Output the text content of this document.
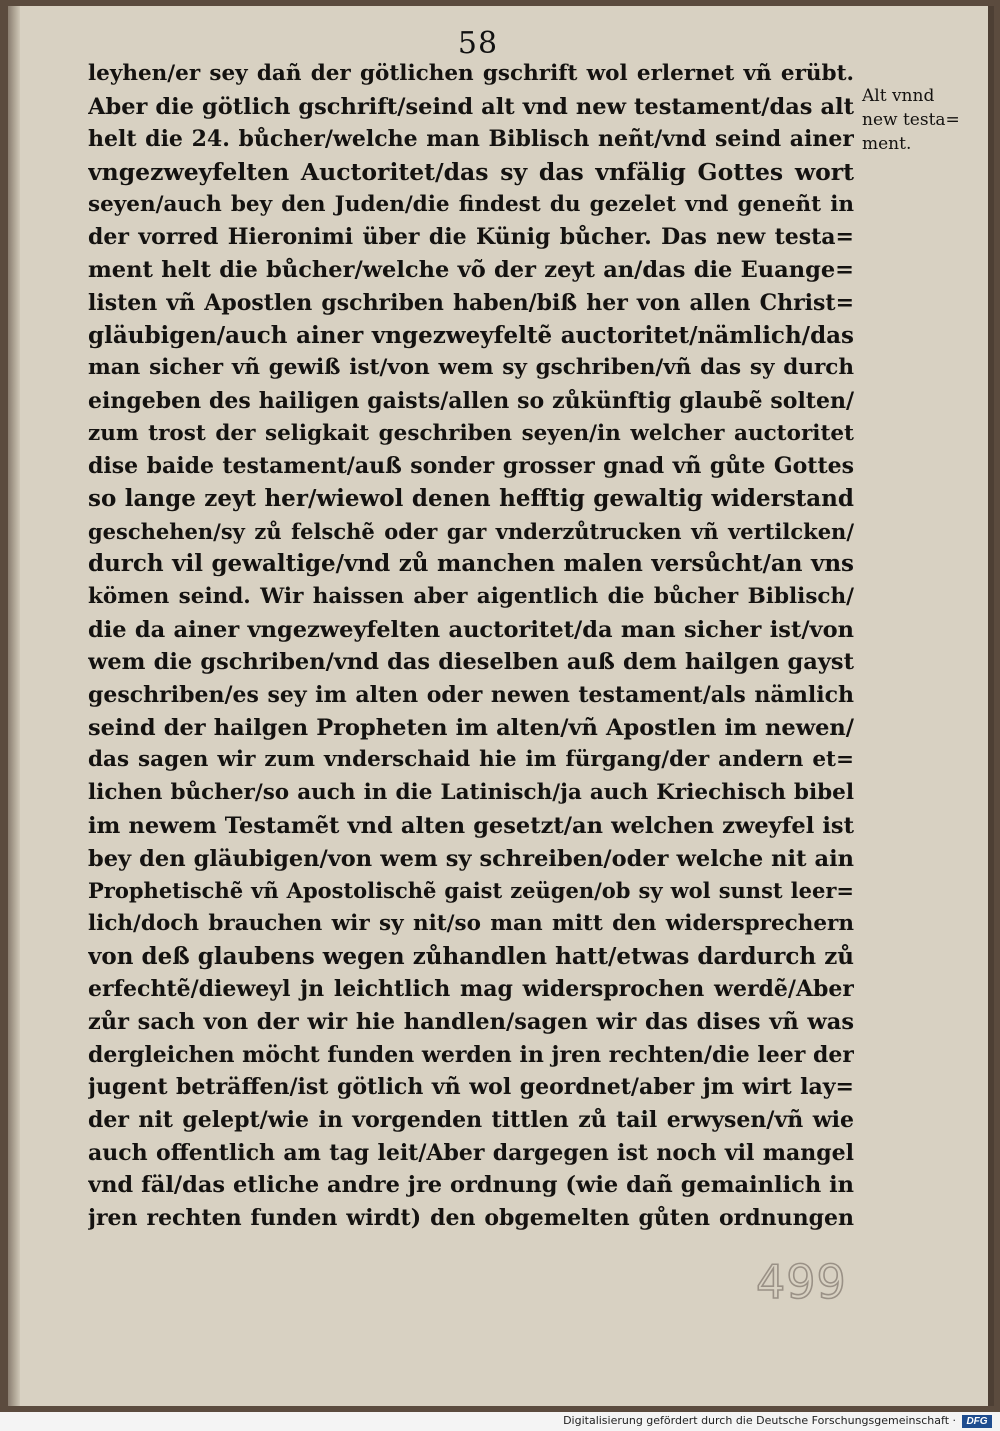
58
leyhen/er sey dañ der götlichen gschrift wol erlernet vñ erübt.
Aber die götlich gschrift/seind alt vnd new testament/das alt
helt die 24. bůcher/welche man Biblisch neñt/vnd seind ainer
vngezweyfelten Auctoritet/das sy das vnfälig Gottes wort
seyen/auch bey den Juden/die findest du gezelet vnd geneñt in
der vorred Hieronimi über die Künig bůcher. Das new testa=
ment helt die bůcher/welche võ der zeyt an/das die Euange=
listen vñ Apostlen gschriben haben/biß her von allen Christ=
gläubigen/auch ainer vngezweyfeltẽ auctoritet/nämlich/das
man sicher vñ gewiß ist/von wem sy gschriben/vñ das sy durch
eingeben des hailigen gaists/allen so zůkünftig glaubẽ solten/
zum trost der seligkait geschriben seyen/in welcher auctoritet
dise baide testament/auß sonder grosser gnad vñ gůte Gottes
so lange zeyt her/wiewol denen hefftig gewaltig widerstand
geschehen/sy zů felschẽ oder gar vnderzůtrucken vñ vertilcken/
durch vil gewaltige/vnd zů manchen malen versůcht/an vns
kömen seind. Wir haissen aber aigentlich die bůcher Biblisch/
die da ainer vngezweyfelten auctoritet/da man sicher ist/von
wem die gschriben/vnd das dieselben auß dem hailgen gayst
geschriben/es sey im alten oder newen testament/als nämlich
seind der hailgen Propheten im alten/vñ Apostlen im newen/
das sagen wir zum vnderschaid hie im fürgang/der andern et=
lichen bůcher/so auch in die Latinisch/ja auch Kriechisch bibel
im newem Testamẽt vnd alten gesetzt/an welchen zweyfel ist
bey den gläubigen/von wem sy schreiben/oder welche nit ain
Prophetischẽ vñ Apostolischẽ gaist zeügen/ob sy wol sunst leer=
lich/doch brauchen wir sy nit/so man mitt den widersprechern
von deß glaubens wegen zůhandlen hatt/etwas dardurch zů
erfechtẽ/dieweyl jn leichtlich mag widersprochen werdẽ/Aber
zůr sach von der wir hie handlen/sagen wir das dises vñ was
dergleichen möcht funden werden in jren rechten/die leer der
jugent beträffen/ist götlich vñ wol geordnet/aber jm wirt lay=
der nit gelept/wie in vorgenden tittlen zů tail erwysen/vñ wie
auch offentlich am tag leit/Aber dargegen ist noch vil mangel
vnd fäl/das etliche andre jre ordnung (wie dañ gemainlich in
jren rechten funden wirdt) den obgemelten gůten ordnungen
Alt vnnd
new testa=
ment.
499
Digitalisierung gefördert durch die Deutsche Forschungsgemeinschaft ·	DFG
